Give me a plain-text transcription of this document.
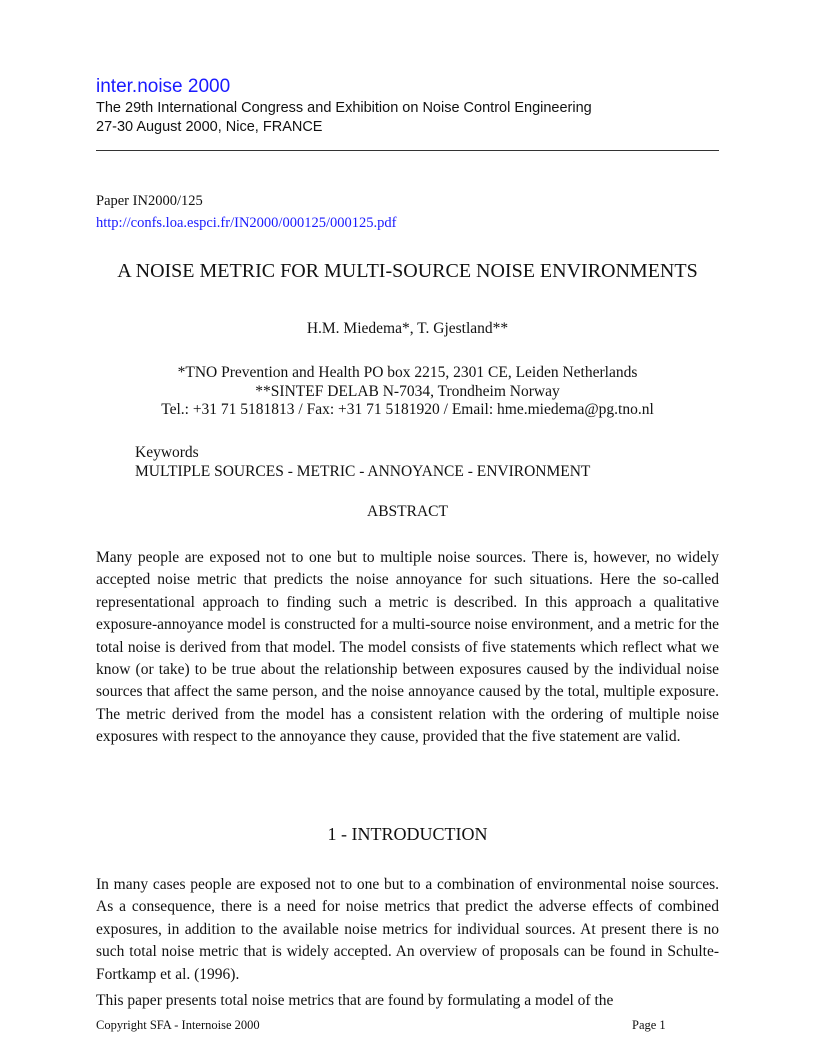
inter.noise 2000

The 29th International Congress and Exhibition on Noise Control Engineering

27-30 August 2000, Nice, FRANCE

Paper IN2000/125

http://confs.loa.espci.fr/IN2000/000125/000125.pdf
A NOISE METRIC FOR MULTI-SOURCE NOISE ENVIRONMENTS

H.M. Miedema*, T. Gjestland**

*TNO Prevention and Health PO box 2215, 2301 CE, Leiden Netherlands
**SINTEF DELAB N-7034, Trondheim Norway
Tel.: +31 71 5181813 / Fax: +31 71 5181920 / Email: hme.miedema@pg.tno.nl

Keywords

MULTIPLE SOURCES - METRIC - ANNOYANCE - ENVIRONMENT

ABSTRACT

Many people are exposed not to one but to multiple noise sources. There is, however, no widely accepted noise metric that predicts the noise annoyance for such situations. Here the so-called representational approach to finding such a metric is described. In this approach a qualitative exposure-annoyance model is constructed for a multi-source noise environment, and a metric for the total noise is derived from that model. The model consists of five statements which reflect what we know (or take) to be true about the relationship between exposures caused by the individual noise sources that affect the same person, and the noise annoyance caused by the total, multiple exposure. The metric derived from the model has a consistent relation with the ordering of multiple noise exposures with respect to the annoyance they cause, provided that the five statement are valid.

1 - INTRODUCTION

In many cases people are exposed not to one but to a combination of environmental noise sources. As a consequence, there is a need for noise metrics that predict the adverse effects of combined exposures, in addition to the available noise metrics for individual sources. At present there is no such total noise metric that is widely accepted. An overview of proposals can be found in Schulte-Fortkamp et al. (1996).

This paper presents total noise metrics that are found by formulating a model of the

Copyright SFA - Internoise 2000	Page 1
